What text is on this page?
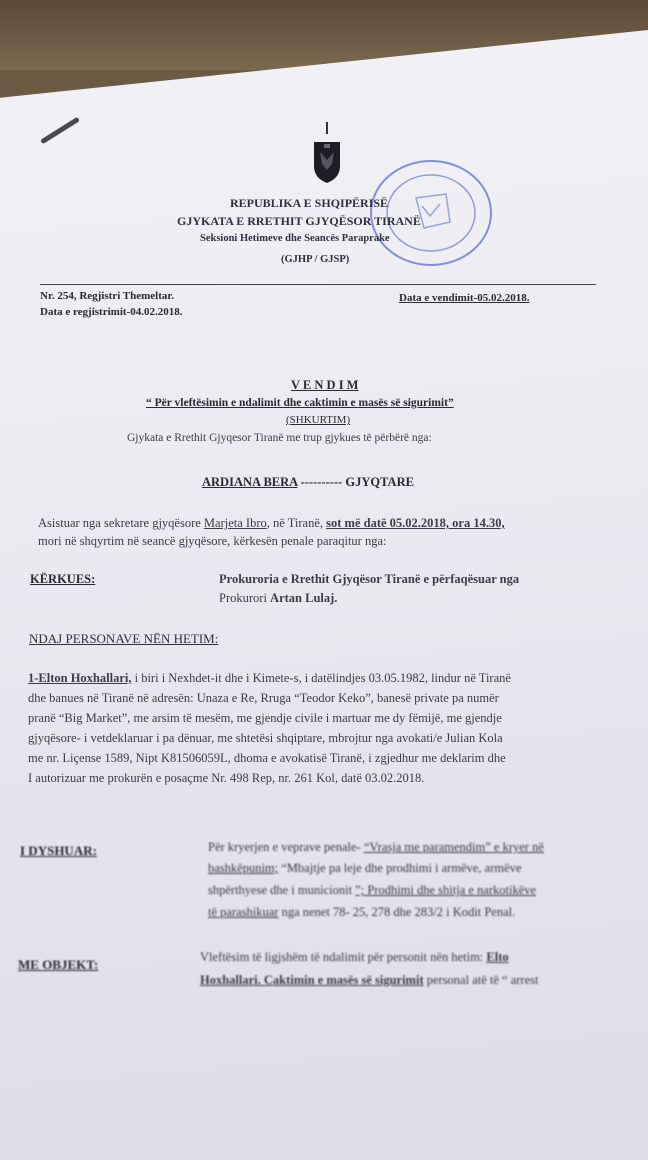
REPUBLIKA E SHQIPËRISË
GJYKATA E RRETHIT GJYQËSOR TIRANË
Seksioni Hetimeve dhe Seancës Paraprake
(GJHP / GJSP)
Nr. 254, Regjistri Themeltar.
Data e regjistrimit-04.02.2018.
Data e vendimit-05.02.2018.
V E N D I M
“ Për vleftësimin e ndalimit dhe caktimin e masës së sigurimit”
(SHKURTIM)
Gjykata e Rrethit Gjyqesor Tiranë me trup gjykues të përbërë nga:
ARDIANA BERA ---------- GJYQTARE
Asistuar nga sekretare gjyqësore Marjeta Ibro, në Tiranë, sot më datë 05.02.2018, ora 14.30,
mori në shqyrtim në seancë gjyqësore, kërkesën penale paraqitur nga:
KËRKUES:	Prokuroria e Rrethit Gjyqësor Tiranë e përfaqësuar nga
Prokurori Artan Lulaj.
NDAJ PERSONAVE NËN HETIM:
1-Elton Hoxhallari, i biri i Nexhdet-it dhe i Kimete-s, i datëlindjes 03.05.1982, lindur në Tiranë
dhe banues në Tiranë në adresën: Unaza e Re, Rruga “Teodor Keko”, banesë private pa numër
pranë “Big Market”, me arsim të mesëm, me gjendje civile i martuar me dy fëmijë, me gjendje
gjyqësore- i vetdeklaruar i pa dënuar, me shtetësi shqiptare, mbrojtur nga avokati/e Julian Kola
me nr. Liçense 1589, Nipt K81506059L, dhoma e avokatisë Tiranë, i zgjedhur me deklarim dhe
I autorizuar me prokurën e posaçme Nr. 498 Rep, nr. 261 Kol, datë 03.02.2018.
I DYSHUAR:	Për kryerjen e veprave penale- “Vrasja me paramendim” e kryer në
bashkëpunim; “Mbajtje pa leje dhe prodhimi i armëve, armëve
shpërthyese dhe i municionit ”; Prodhimi dhe shitja e narkotikëve
të parashikuar nga nenet 78- 25, 278 dhe 283/2 i Kodit Penal.
ME OBJEKT:	Vleftësim të ligjshëm të ndalimit për personit nën hetim: Elto
Hoxhallari. Caktimin e masës së sigurimit personal atë të “ arrest
